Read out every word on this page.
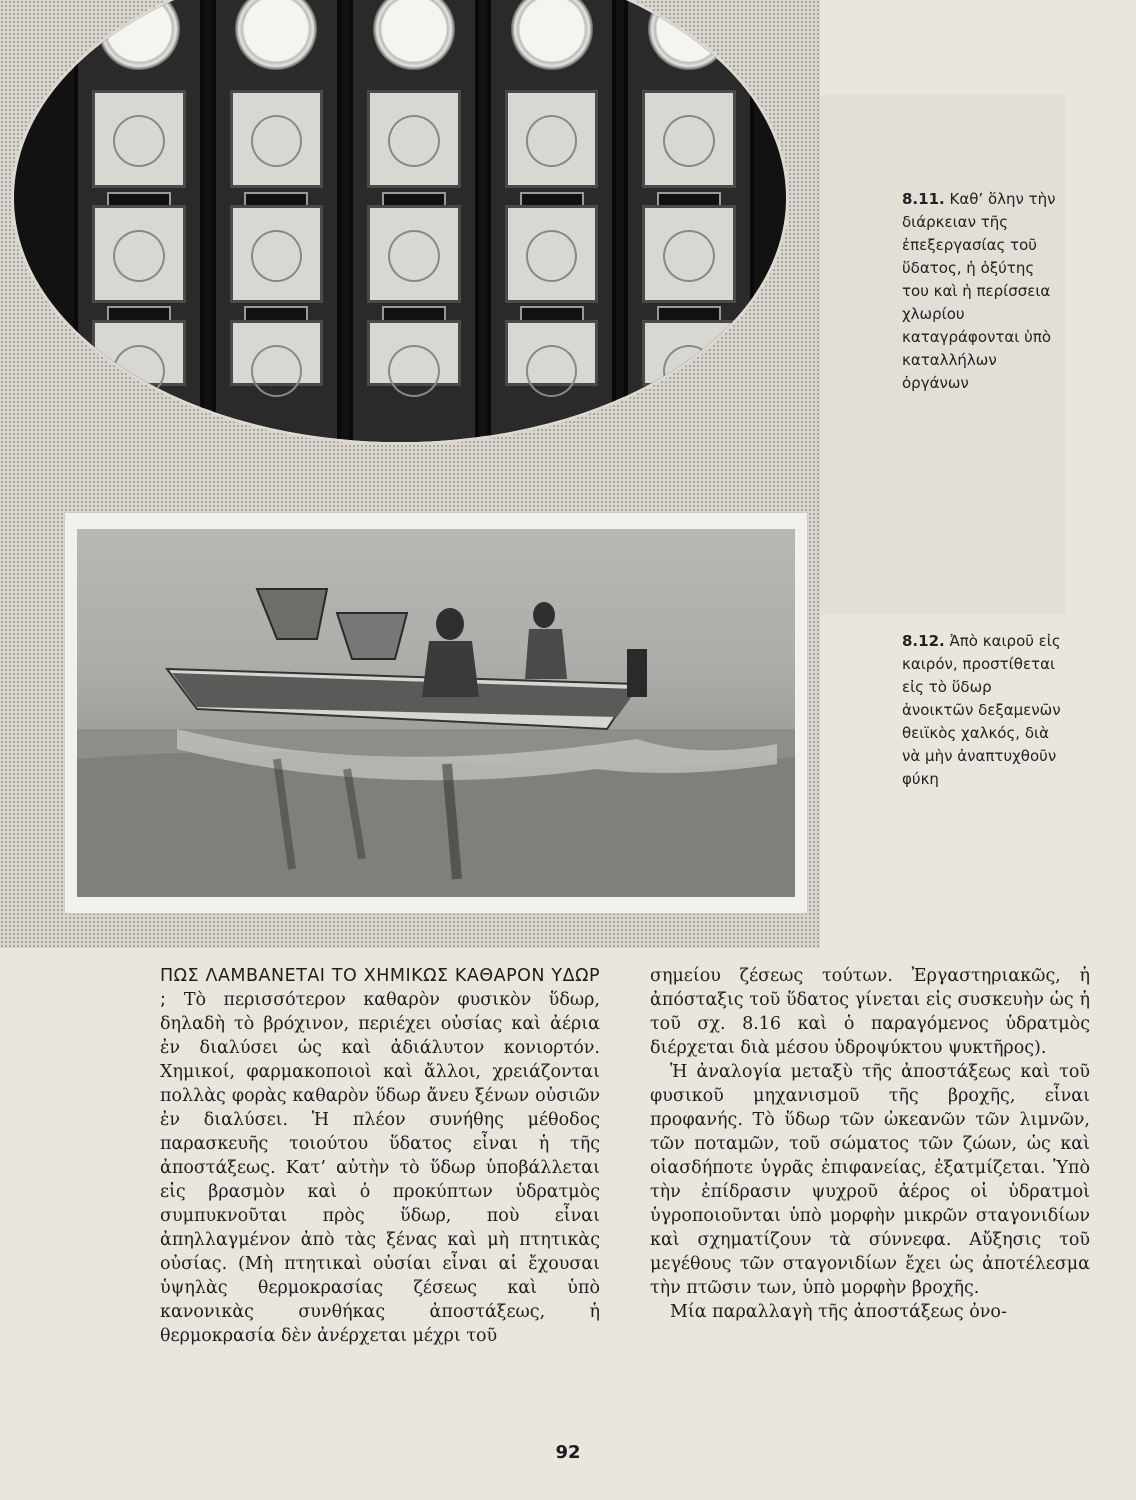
8.11. Καθ’ ὅλην τὴν διάρκειαν τῆς ἐπεξεργασίας τοῦ ὕδατος, ἡ ὀξύτης του καὶ ἡ περίσσεια χλωρίου καταγράφονται ὑπὸ καταλλήλων ὀργάνων

8.12. Ἀπὸ καιροῦ εἰς καιρόν, προστίθεται εἰς τὸ ὕδωρ ἀνοικτῶν δεξαμενῶν θειϊκὸς χαλκός, διὰ νὰ μὴν ἀναπτυχθοῦν φύκη

ΠΩΣ ΛΑΜΒΑΝΕΤΑΙ ΤΟ ΧΗΜΙΚΩΣ ΚΑΘΑΡΟΝ ΥΔΩΡ ; Τὸ περισσότερον καθαρὸν φυσικὸν ὕδωρ, δηλαδὴ τὸ βρόχινον, περιέχει οὐσίας καὶ ἀέρια ἐν διαλύσει ὡς καὶ ἀδιάλυτον κονιορτόν. Χημικοί, φαρμακοποιοὶ καὶ ἄλλοι, χρειάζονται πολλὰς φορὰς καθαρὸν ὕδωρ ἄνευ ξένων οὐσιῶν ἐν διαλύσει. Ἡ πλέον συνήθης μέθοδος παρασκευῆς τοιούτου ὕδατος εἶναι ἡ τῆς ἀποστάξεως. Κατ’ αὐτὴν τὸ ὕδωρ ὑποβάλλεται εἰς βρασμὸν καὶ ὁ προκύπτων ὑδρατμὸς συμπυκνοῦται πρὸς ὕδωρ, ποὺ εἶναι ἀπηλλαγμένον ἀπὸ τὰς ξένας καὶ μὴ πτητικὰς οὐσίας. (Μὴ πτητικαὶ οὐσίαι εἶναι αἱ ἔχουσαι ὑψηλὰς θερμοκρασίας ζέσεως καὶ ὑπὸ κανονικὰς συνθήκας ἀποστάξεως, ἡ θερμοκρασία δὲν ἀνέρχεται μέχρι τοῦ

σημείου ζέσεως τούτων. Ἐργαστηριακῶς, ἡ ἀπόσταξις τοῦ ὕδατος γίνεται εἰς συσκευὴν ὡς ἡ τοῦ σχ. 8.16 καὶ ὁ παραγόμενος ὑδρατμὸς διέρχεται διὰ μέσου ὑδροψύκτου ψυκτῆρος).

Ἡ ἀναλογία μεταξὺ τῆς ἀποστάξεως καὶ τοῦ φυσικοῦ μηχανισμοῦ τῆς βροχῆς, εἶναι προφανής. Τὸ ὕδωρ τῶν ὠκεανῶν τῶν λιμνῶν, τῶν ποταμῶν, τοῦ σώματος τῶν ζώων, ὡς καὶ οἱασδήποτε ὑγρᾶς ἐπιφανείας, ἐξατμίζεται. Ὑπὸ τὴν ἐπίδρασιν ψυχροῦ ἀέρος οἱ ὑδρατμοὶ ὑγροποιοῦνται ὑπὸ μορφὴν μικρῶν σταγονιδίων καὶ σχηματίζουν τὰ σύννεφα. Αὔξησις τοῦ μεγέθους τῶν σταγονιδίων ἔχει ὡς ἀποτέλεσμα τὴν πτῶσιν των, ὑπὸ μορφὴν βροχῆς.

Μία παραλλαγὴ τῆς ἀποστάξεως ὀνο-

92
